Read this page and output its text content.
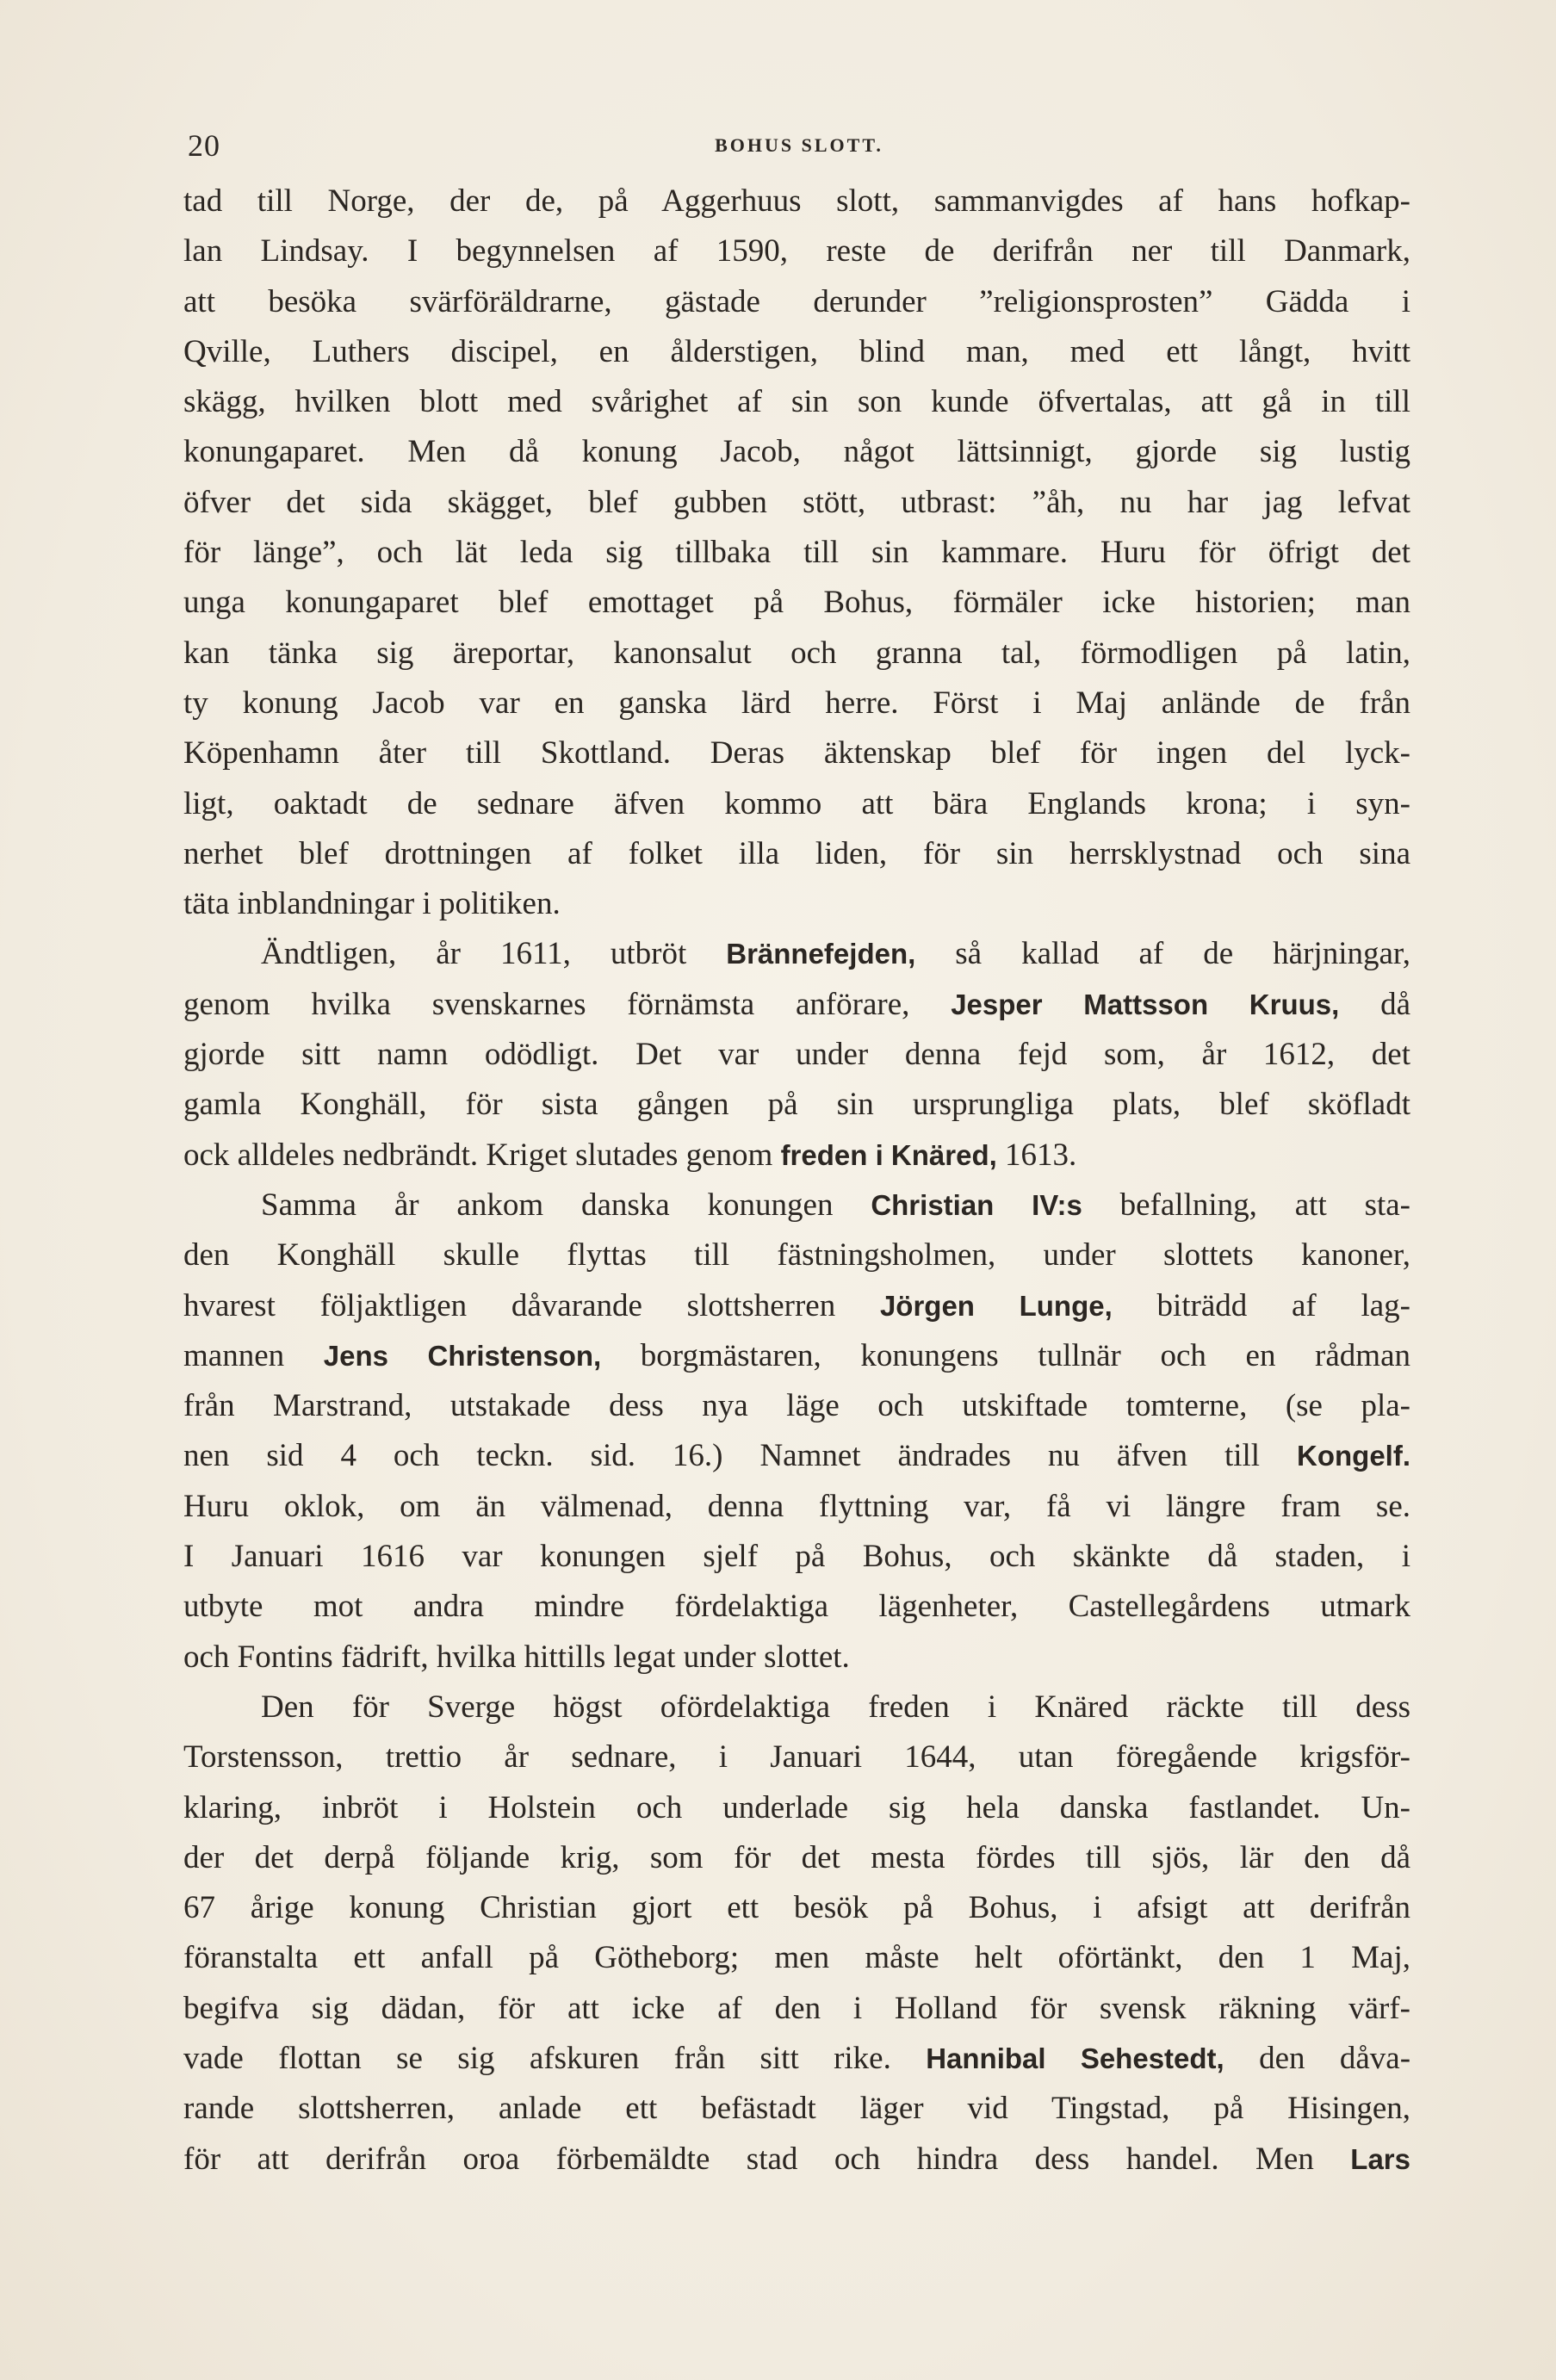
20	BOHUS SLOTT.
tad till Norge, der de, på Aggerhuus slott, sammanvigdes af hans hofkap-
lan Lindsay. I begynnelsen af 1590, reste de derifrån ner till Danmark,
att besöka svärföräldrarne, gästade derunder ”religionsprosten” Gädda i
Qville, Luthers discipel, en ålderstigen, blind man, med ett långt, hvitt
skägg, hvilken blott med svårighet af sin son kunde öfvertalas, att gå in till
konungaparet. Men då konung Jacob, något lättsinnigt, gjorde sig lustig
öfver det sida skägget, blef gubben stött, utbrast: ”åh, nu har jag lefvat
för länge”, och lät leda sig tillbaka till sin kammare. Huru för öfrigt det
unga konungaparet blef emottaget på Bohus, förmäler icke historien; man
kan tänka sig äreportar, kanonsalut och granna tal, förmodligen på latin,
ty konung Jacob var en ganska lärd herre. Först i Maj anlände de från
Köpenhamn åter till Skottland. Deras äktenskap blef för ingen del lyck-
ligt, oaktadt de sednare äfven kommo att bära Englands krona; i syn-
nerhet blef drottningen af folket illa liden, för sin herrsklystnad och sina
täta inblandningar i politiken.
Ändtligen, år 1611, utbröt Brännefejden, så kallad af de härjningar,
genom hvilka svenskarnes förnämsta anförare, Jesper Mattsson Kruus, då
gjorde sitt namn odödligt. Det var under denna fejd som, år 1612, det
gamla Konghäll, för sista gången på sin ursprungliga plats, blef sköfladt
ock alldeles nedbrändt. Kriget slutades genom freden i Knäred, 1613.
Samma år ankom danska konungen Christian IV:s befallning, att sta-
den Konghäll skulle flyttas till fästningsholmen, under slottets kanoner,
hvarest följaktligen dåvarande slottsherren Jörgen Lunge, biträdd af lag-
mannen Jens Christenson, borgmästaren, konungens tullnär och en rådman
från Marstrand, utstakade dess nya läge och utskiftade tomterne, (se pla-
nen sid 4 och teckn. sid. 16.) Namnet ändrades nu äfven till Kongelf.
Huru oklok, om än välmenad, denna flyttning var, få vi längre fram se.
I Januari 1616 var konungen sjelf på Bohus, och skänkte då staden, i
utbyte mot andra mindre fördelaktiga lägenheter, Castellegårdens utmark
och Fontins fädrift, hvilka hittills legat under slottet.
Den för Sverge högst ofördelaktiga freden i Knäred räckte till dess
Torstensson, trettio år sednare, i Januari 1644, utan föregående krigsför-
klaring, inbröt i Holstein och underlade sig hela danska fastlandet. Un-
der det derpå följande krig, som för det mesta fördes till sjös, lär den då
67 årige konung Christian gjort ett besök på Bohus, i afsigt att derifrån
föranstalta ett anfall på Götheborg; men måste helt oförtänkt, den 1 Maj,
begifva sig dädan, för att icke af den i Holland för svensk räkning värf-
vade flottan se sig afskuren från sitt rike. Hannibal Sehestedt, den dåva-
rande slottsherren, anlade ett befästadt läger vid Tingstad, på Hisingen,
för att derifrån oroa förbemäldte stad och hindra dess handel. Men Lars
